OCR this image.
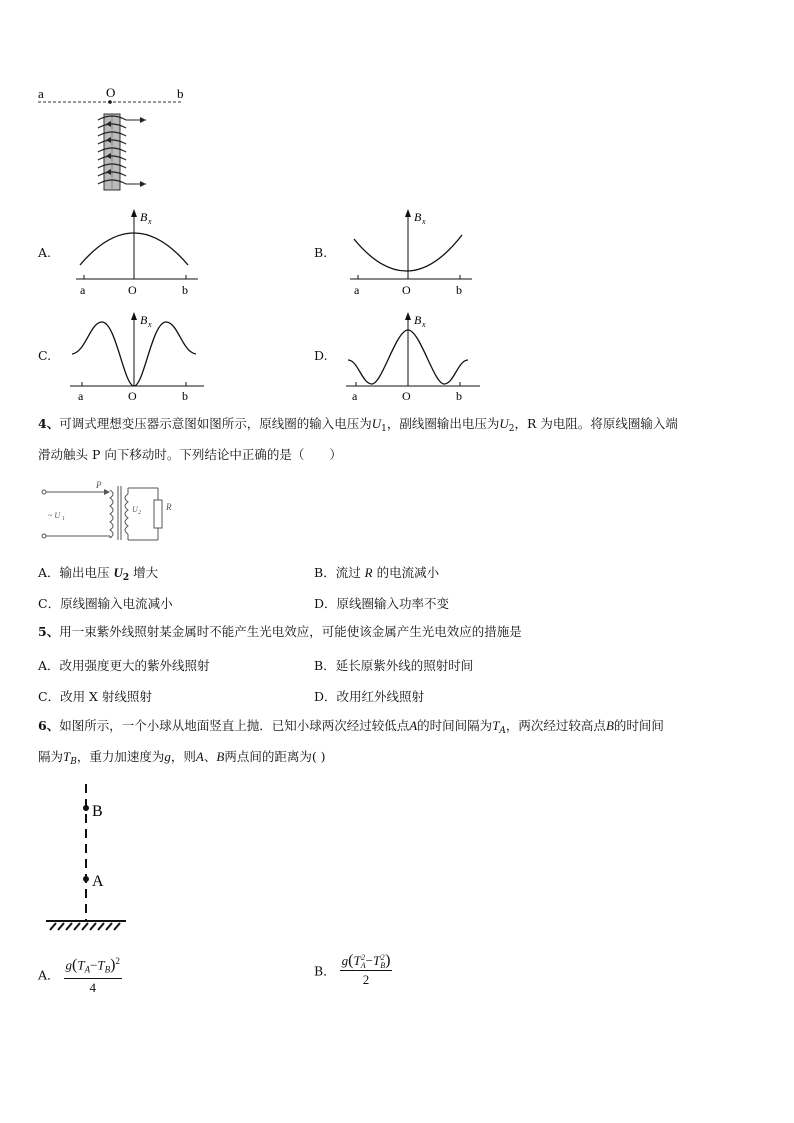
a	O	b
A.
B x
a	O	b
B.
B x
a	O	b
C.
B x
a	O	b
D.
B x
a	O	b
4、可调式理想变压器示意图如图所示，原线圈的输入电压为$U_1$，副线圈输出电压为$U_2$，R 为电阻。将原线圈输入端
滑动触头 P 向下移动时。下列结论中正确的是（　　）
P
~ U 1
U 2
R
A．输出电压 $U_2$ 增大	B．流过 R 的电流减小
C．原线圈输入电流减小	D．原线圈输入功率不变
5、用一束紫外线照射某金属时不能产生光电效应，可能使该金属产生光电效应的措施是
A．改用强度更大的紫外线照射	B．延长原紫外线的照射时间
C．改用 X 射线照射	D．改用红外线照射
6、如图所示，一个小球从地面竖直上抛．已知小球两次经过较低点A的时间间隔为$T_A$，两次经过较高点B的时间间
隔为$T_B$，重力加速度为g，则A、B两点间的距离为( )
B
A
A． $\frac{g(T_A-T_B)^2}{4}$	B． g(T 2
A −T 2
B )
2
